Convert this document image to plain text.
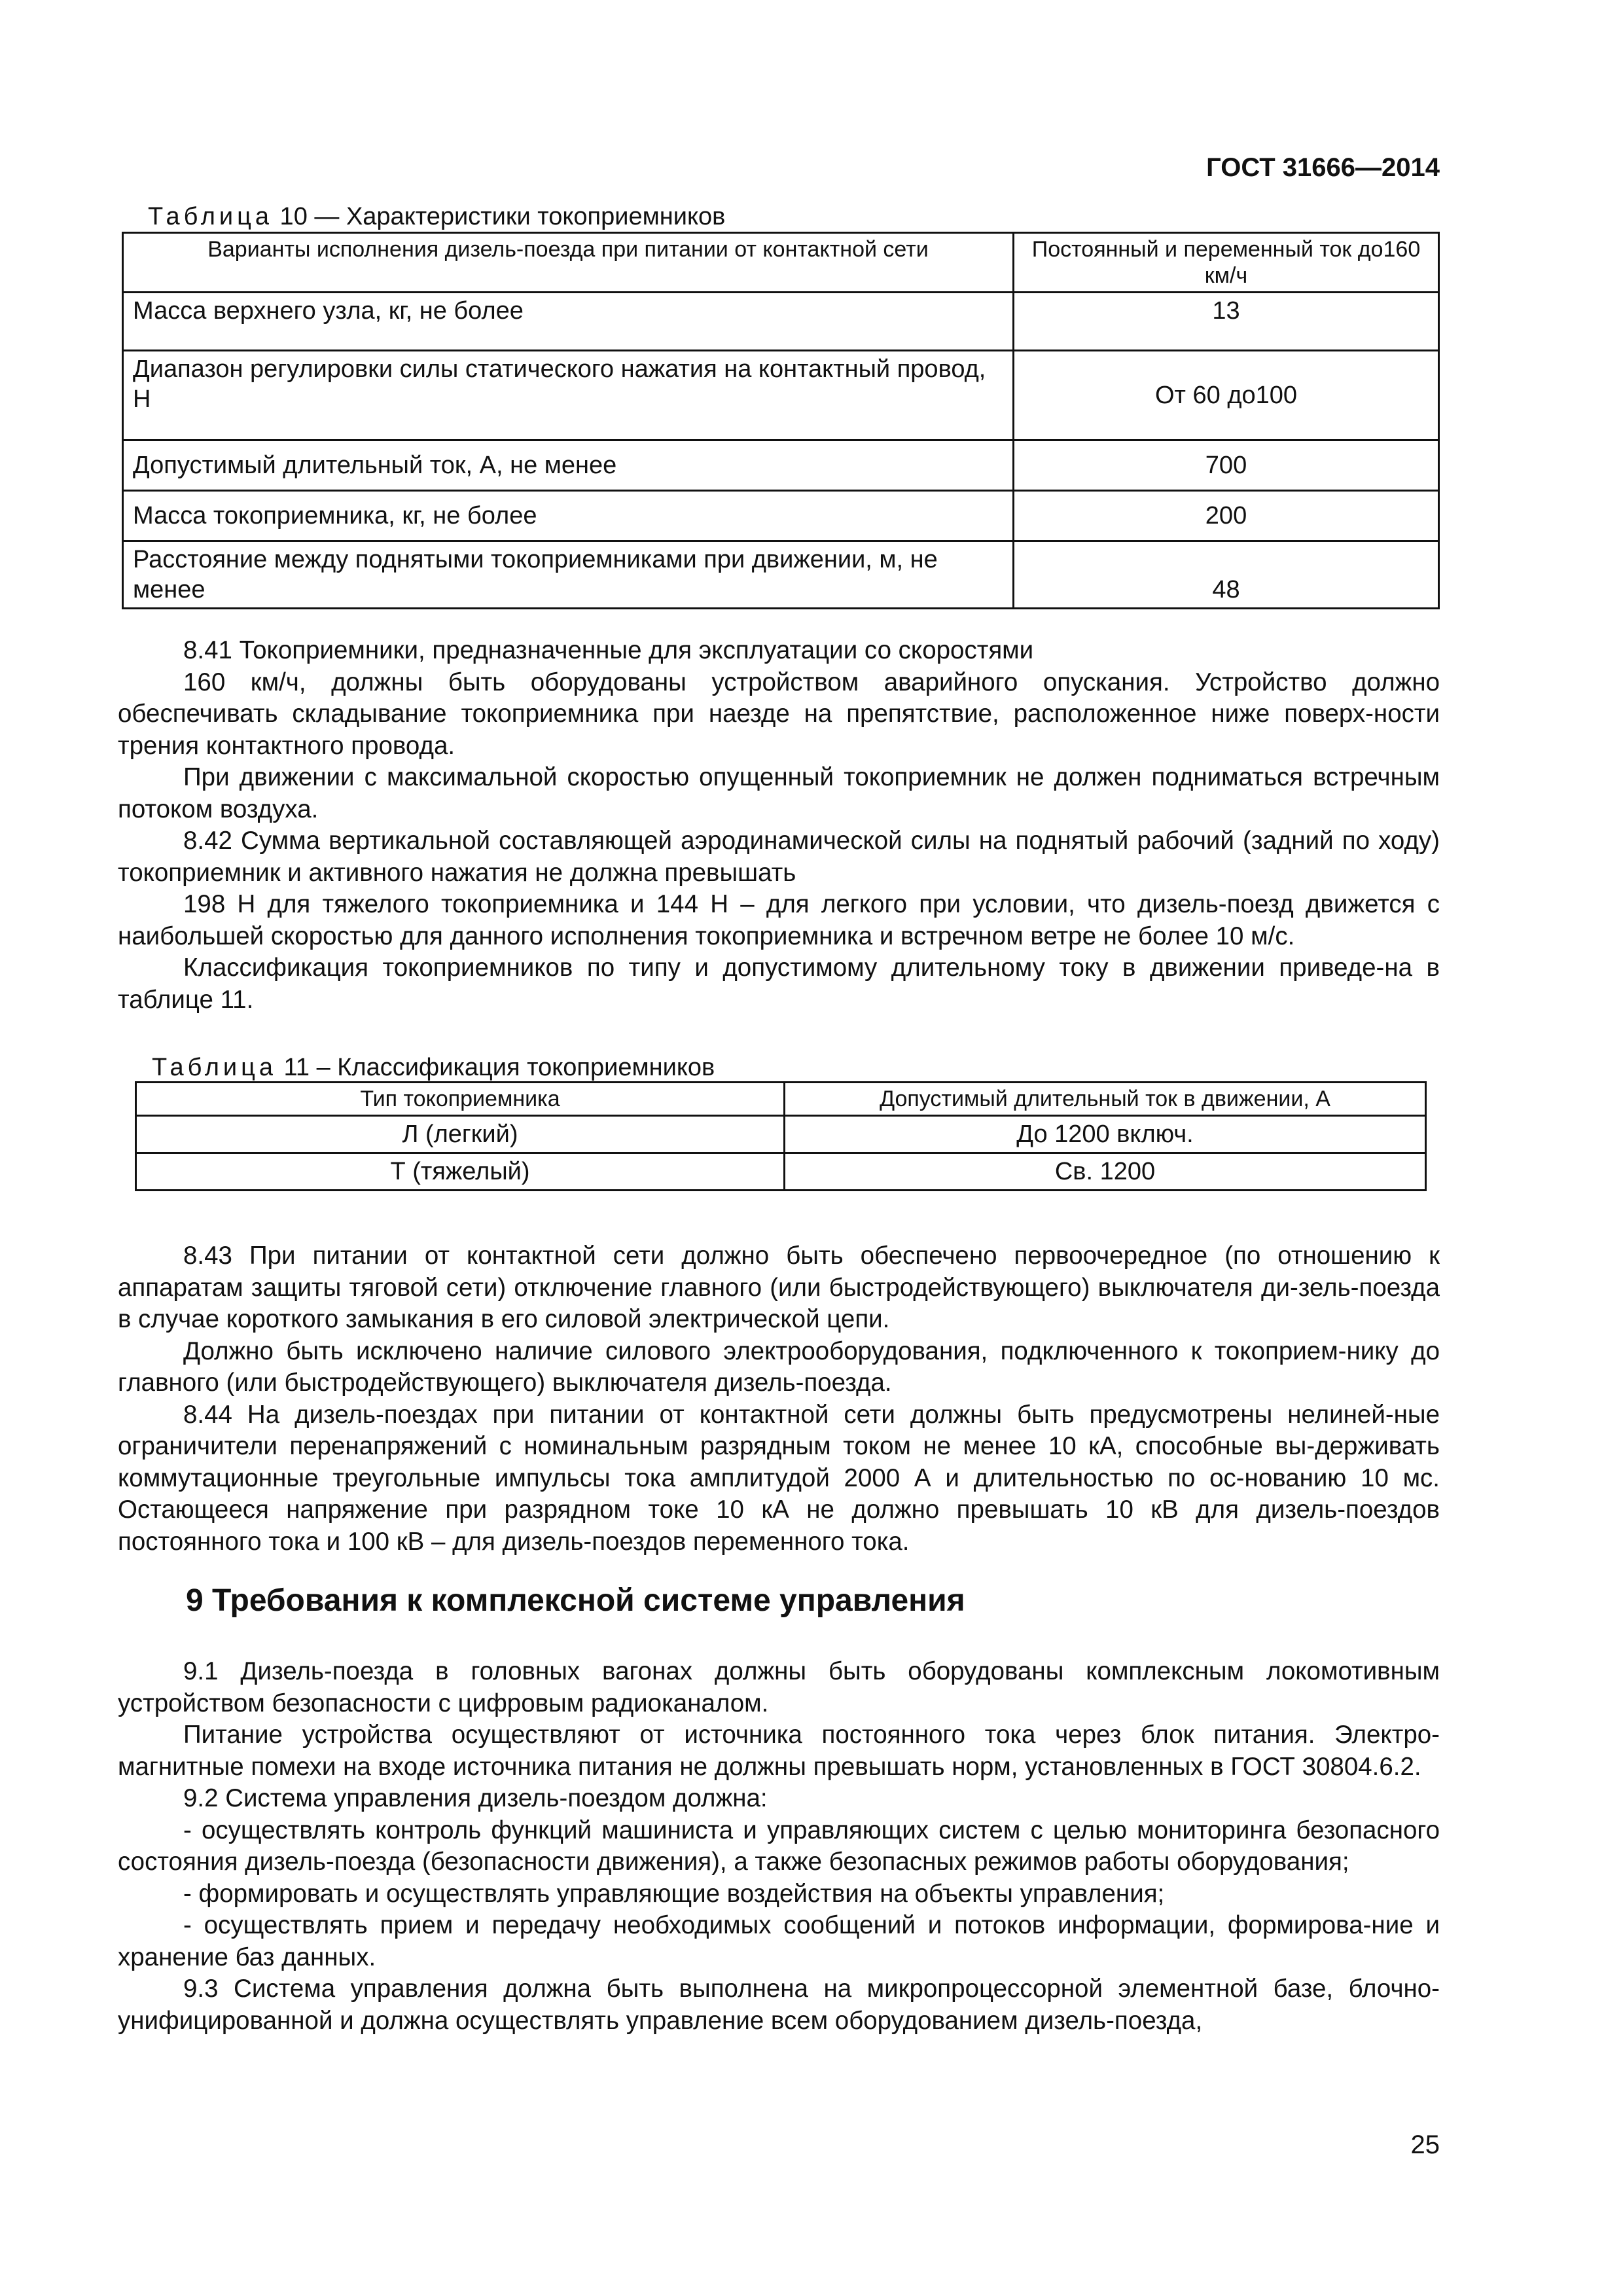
ГОСТ 31666—2014
Таблица 10 — Характеристики токоприемников
Варианты исполнения дизель-поезда при питании от контактной сети	Постоянный и переменный ток до160 км/ч
Масса верхнего узла, кг, не более	13
Диапазон регулировки силы статического нажатия на контактный провод, Н	От 60 до100
Допустимый длительный ток, А, не менее	700
Масса токоприемника, кг, не более	200
Расстояние между поднятыми токоприемниками при движении, м, не менее	48

8.41 Токоприемники, предназначенные для эксплуатации со скоростями

160 км/ч, должны быть оборудованы устройством аварийного опускания. Устройство должно обеспечивать складывание токоприемника при наезде на препятствие, расположенное ниже поверх-ности трения контактного провода.

При движении с максимальной скоростью опущенный токоприемник не должен подниматься встречным потоком воздуха.

8.42 Сумма вертикальной составляющей аэродинамической силы на поднятый рабочий (задний по ходу) токоприемник и активного нажатия не должна превышать

198 Н для тяжелого токоприемника и 144 Н – для легкого при условии, что дизель-поезд движется с наибольшей скоростью для данного исполнения токоприемника и встречном ветре не более 10 м/с.

Классификация токоприемников по типу и допустимому длительному току в движении приведе-на в таблице 11.

Таблица 11 – Классификация токоприемников
Тип токоприемника	Допустимый длительный ток в движении, А
Л (легкий)	До 1200 включ.
Т (тяжелый)	Св. 1200

8.43 При питании от контактной сети должно быть обеспечено первоочередное (по отношению к аппаратам защиты тяговой сети) отключение главного (или быстродействующего) выключателя ди-зель-поезда в случае короткого замыкания в его силовой электрической цепи.

Должно быть исключено наличие силового электрооборудования, подключенного к токоприем-нику до главного (или быстродействующего) выключателя дизель-поезда.

8.44 На дизель-поездах при питании от контактной сети должны быть предусмотрены нелиней-ные ограничители перенапряжений с номинальным разрядным током не менее 10 кА, способные вы-держивать коммутационные треугольные импульсы тока амплитудой 2000 А и длительностью по ос-нованию 10 мс. Остающееся напряжение при разрядном токе 10 кА не должно превышать 10 кВ для дизель-поездов постоянного тока и 100 кВ – для дизель-поездов переменного тока.

9 Требования к комплексной системе управления

9.1 Дизель-поезда в головных вагонах должны быть оборудованы комплексным локомотивным устройством безопасности с цифровым радиоканалом.

Питание устройства осуществляют от источника постоянного тока через блок питания. Электро-магнитные помехи на входе источника питания не должны превышать норм, установленных в ГОСТ 30804.6.2.

9.2 Система управления дизель-поездом должна:

- осуществлять контроль функций машиниста и управляющих систем с целью мониторинга безопасного состояния дизель-поезда (безопасности движения), а также безопасных режимов работы оборудования;

- формировать и осуществлять управляющие воздействия на объекты управления;

- осуществлять прием и передачу необходимых сообщений и потоков информации, формирова-ние и хранение баз данных.

9.3 Система управления должна быть выполнена на микропроцессорной элементной базе, блочно- унифицированной и должна осуществлять управление всем оборудованием дизель-поезда,

25
